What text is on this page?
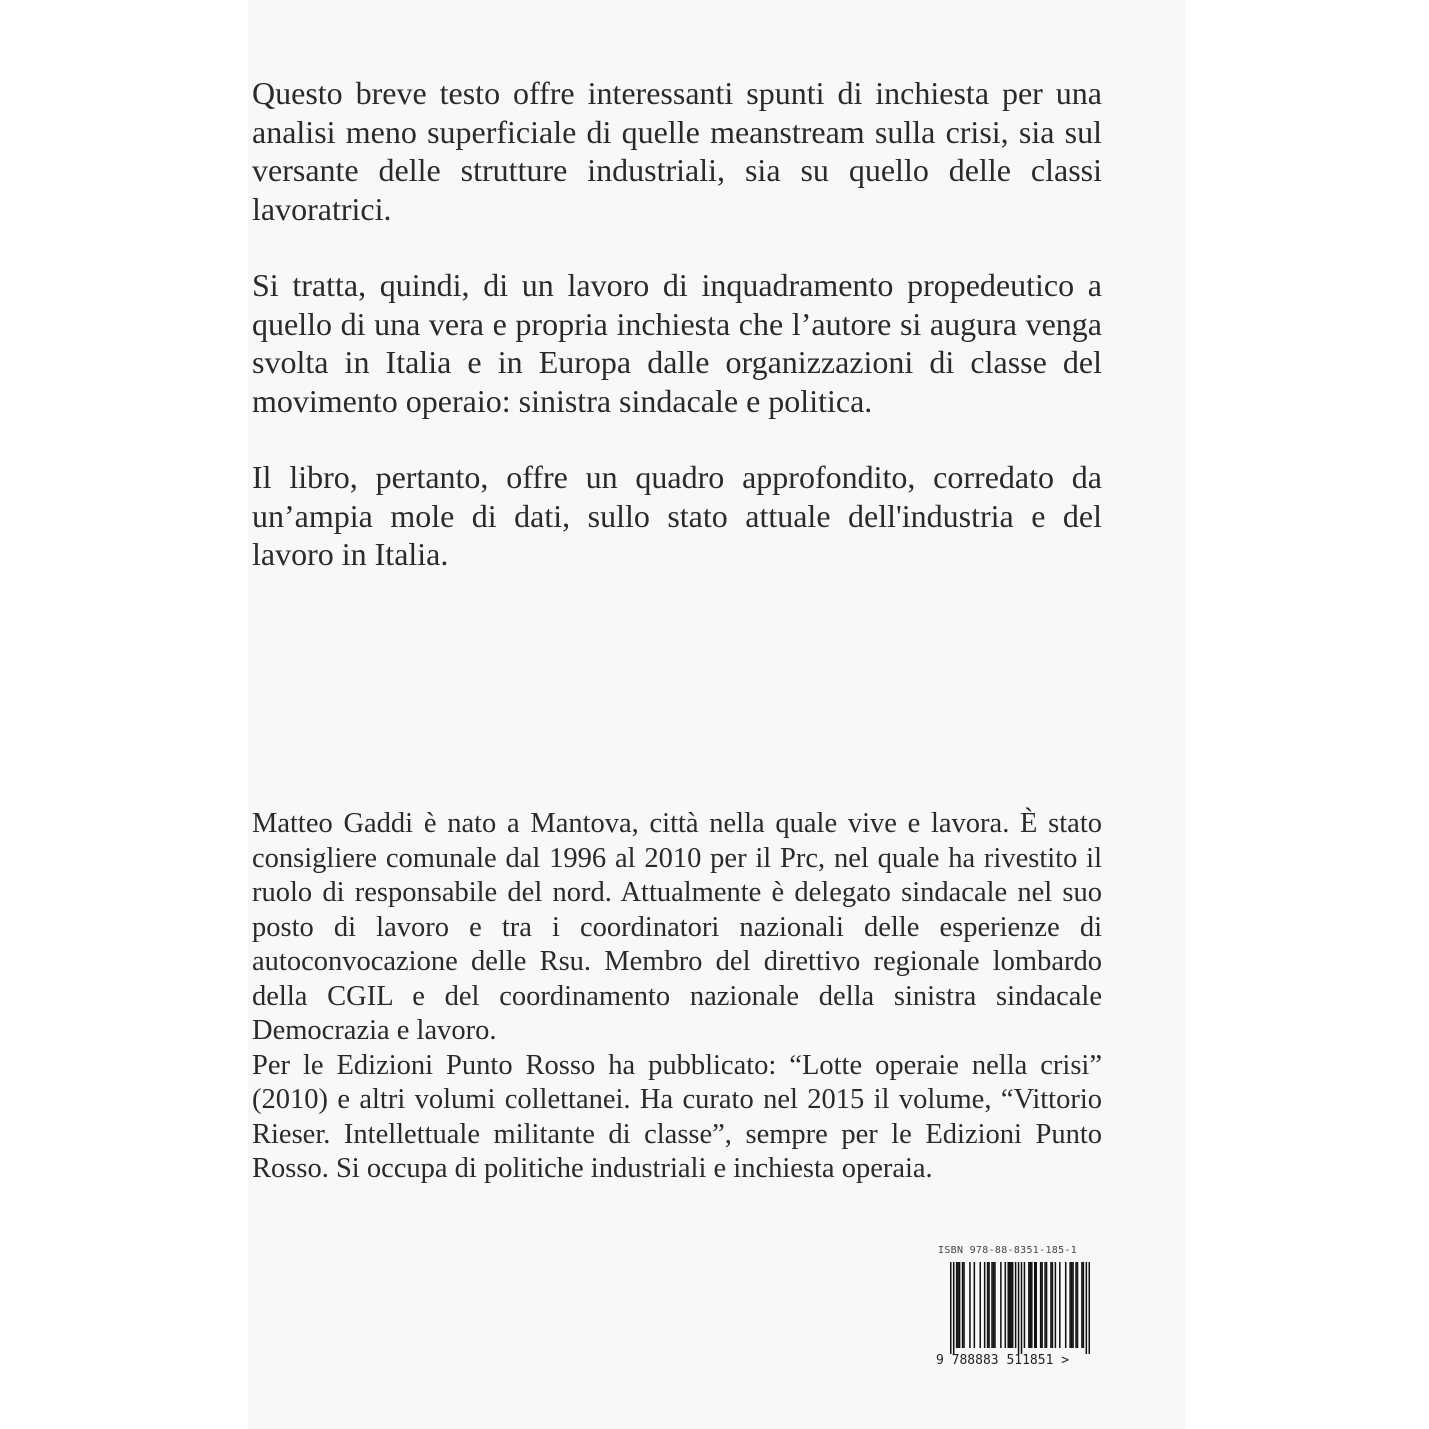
Questo breve testo offre interessanti spunti di inchiesta per una analisi meno superficiale di quelle meanstream sulla crisi, sia sul versante delle strutture industriali, sia su quello delle classi lavoratrici.

Si tratta, quindi, di un lavoro di inquadramento propedeutico a quello di una vera e propria inchiesta che l’autore si augura venga svolta in Italia e in Europa dalle organizzazioni di classe del movimento operaio: sinistra sindacale e politica.

Il libro, pertanto, offre un quadro approfondito, corredato da un’ampia mole di dati, sullo stato attuale dell'industria e del lavoro in Italia.

Matteo Gaddi è nato a Mantova, città nella quale vive e lavora. È stato consigliere comunale dal 1996 al 2010 per il Prc, nel quale ha rivestito il ruolo di responsabile del nord. Attualmente è delegato sindacale nel suo posto di lavoro e tra i coordinatori nazionali delle esperienze di autoconvocazione delle Rsu. Membro del direttivo regionale lombardo della CGIL e del coordinamento nazionale della sinistra sindacale Democrazia e lavoro.

Per le Edizioni Punto Rosso ha pubblicato: “Lotte operaie nella crisi” (2010) e altri volumi collettanei. Ha curato nel 2015 il volume, “Vittorio Rieser. Intellettuale militante di classe”, sempre per le Edizioni Punto Rosso. Si occupa di politiche industriali e inchiesta operaia.

ISBN 978-88-8351-185-1
9 788883 511851 >
